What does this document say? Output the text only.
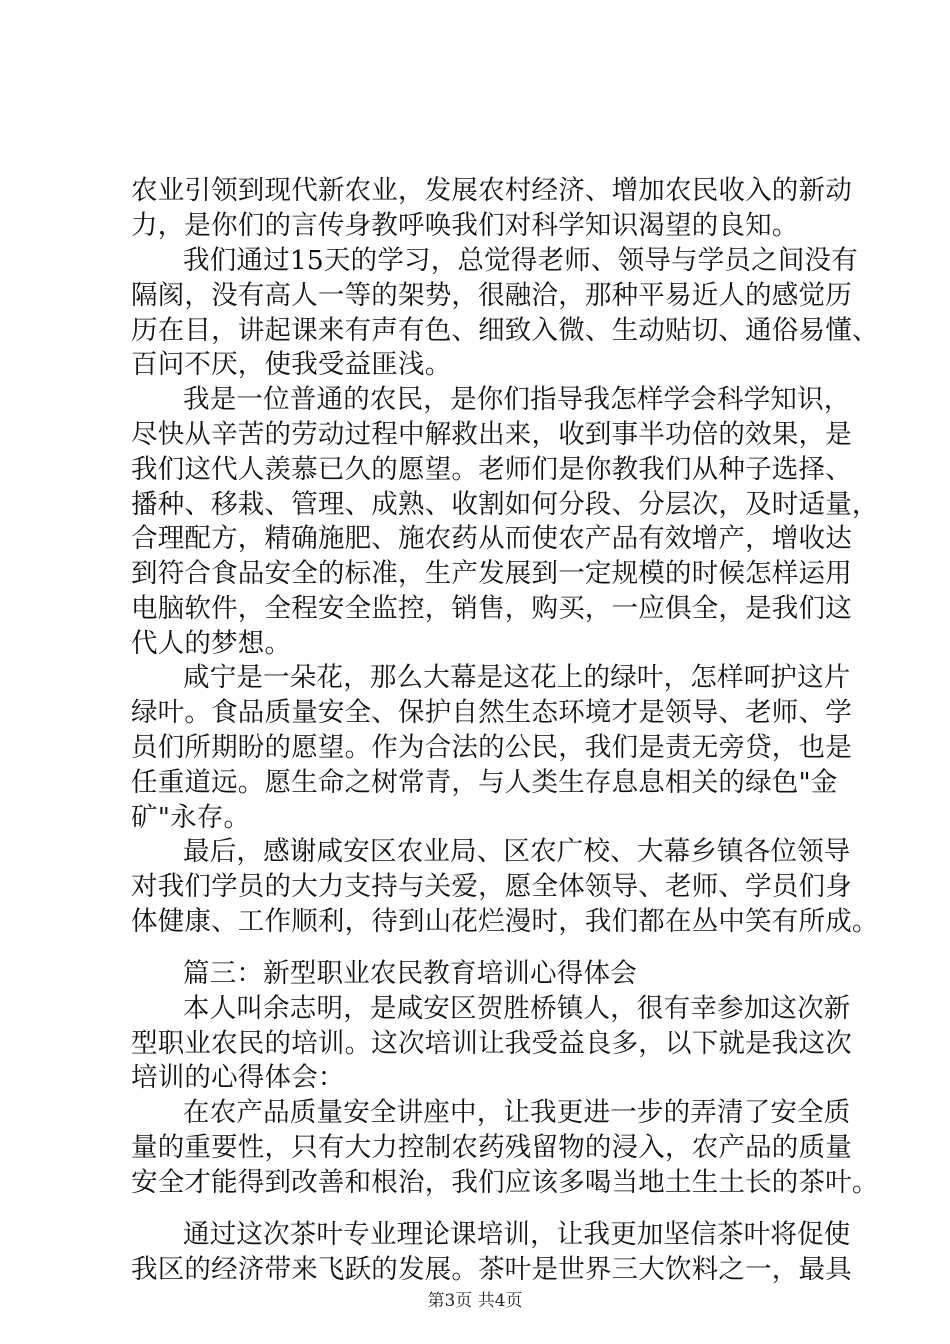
农业引领到现代新农业，发展农村经济、增加农民收入的新动
力，是你们的言传身教呼唤我们对科学知识渴望的良知。
我们通过15天的学习，总觉得老师、领导与学员之间没有
隔阂，没有高人一等的架势，很融洽，那种平易近人的感觉历
历在目，讲起课来有声有色、细致入微、生动贴切、通俗易懂、
百问不厌，使我受益匪浅。
我是一位普通的农民，是你们指导我怎样学会科学知识，
尽快从辛苦的劳动过程中解救出来，收到事半功倍的效果，是
我们这代人羡慕已久的愿望。老师们是你教我们从种子选择、
播种、移栽、管理、成熟、收割如何分段、分层次，及时适量，
合理配方，精确施肥、施农药从而使农产品有效增产，增收达
到符合食品安全的标准，生产发展到一定规模的时候怎样运用
电脑软件，全程安全监控，销售，购买，一应俱全，是我们这
代人的梦想。
咸宁是一朵花，那么大幕是这花上的绿叶，怎样呵护这片
绿叶。食品质量安全、保护自然生态环境才是领导、老师、学
员们所期盼的愿望。作为合法的公民，我们是责无旁贷，也是
任重道远。愿生命之树常青，与人类生存息息相关的绿色"金
矿"永存。
最后，感谢咸安区农业局、区农广校、大幕乡镇各位领导
对我们学员的大力支持与关爱，愿全体领导、老师、学员们身
体健康、工作顺利，待到山花烂漫时，我们都在丛中笑有所成。
篇三：新型职业农民教育培训心得体会
本人叫余志明，是咸安区贺胜桥镇人，很有幸参加这次新
型职业农民的培训。这次培训让我受益良多，以下就是我这次
培训的心得体会：
在农产品质量安全讲座中，让我更进一步的弄清了安全质
量的重要性，只有大力控制农药残留物的浸入，农产品的质量
安全才能得到改善和根治，我们应该多喝当地土生土长的茶叶。
通过这次茶叶专业理论课培训，让我更加坚信茶叶将促使
我区的经济带来飞跃的发展。茶叶是世界三大饮料之一，最具
第3页 共4页
